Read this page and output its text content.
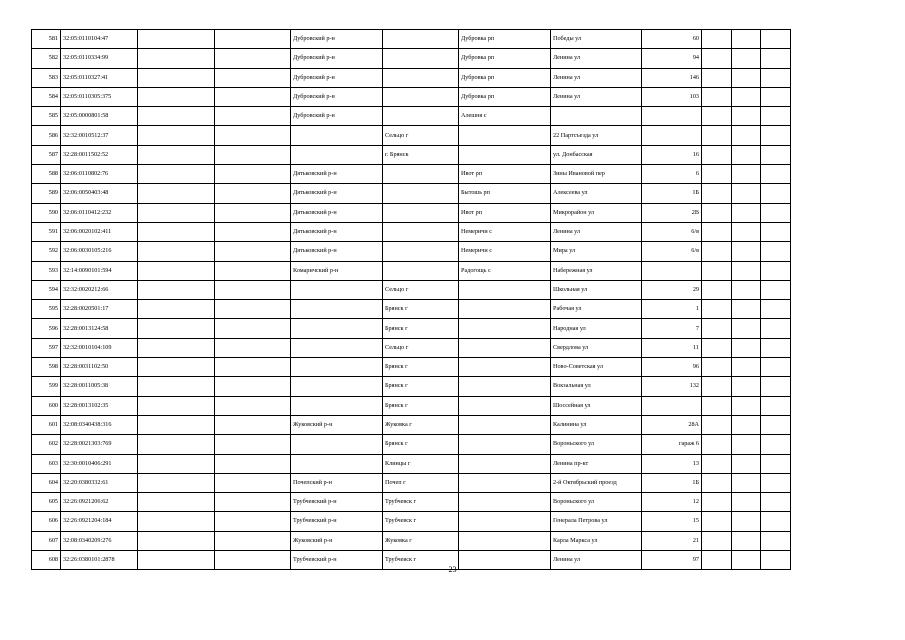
581	32:05:0110104:47			Дубровский р-н		Дубровка рп	Победы ул	60			
582	32:05:0110334:99			Дубровский р-н		Дубровка рп	Ленина ул	94			
583	32:05:0110327:41			Дубровский р-н		Дубровка рп	Ленина ул	146			
584	32:05:0110305:375			Дубровский р-н		Дубровка рп	Ленина ул	103			
585	32:05:0000801:58			Дубровский р-н		Алешня с					
586	32:32:0010512:37				Сельцо г		22 Партсъезда ул				
587	32:28:0011502:52				г. Брянск		ул. Донбасская	16			
588	32:06:0110802:76			Дятьковский р-н		Ивот рп	Зины Ивановой пер	6			
589	32:06:0050403:48			Дятьковский р-н		Бытошь рп	Алексеева ул	1Б			
590	32:06:0110412:232			Дятьковский р-н		Ивот рп	Микрорайон ул	2В			
591	32:06:0020102:411			Дятьковский р-н		Немеричи с	Ленина ул	6/в			
592	32:06:0030105:216			Дятьковский р-н		Немеричи с	Мира ул	6/в			
593	32:14:0090101:594			Комаричский р-н		Радогощь с	Набережная ул				
594	32:32:0020212:66				Сельцо г		Школьная ул	29			
595	32:28:0020501:17				Брянск г		Рабочая ул	1			
596	32:28:0013124:58				Брянск г		Народная ул	7			
597	32:32:0010104:109				Сельцо г		Свердлова ул	11			
598	32:28:0031102:50				Брянск г		Ново-Советская ул	96			
599	32:28:0011005:38				Брянск г		Вокзальная ул	132			
600	32:28:0013102:35				Брянск г		Шоссейная ул				
601	32:08:0340438:316			Жуковский р-н	Жуковка г		Калинина ул	28А			
602	32:28:0021303:769				Брянск г		Вороньского ул	гараж 6			
603	32:30:0010406:291				Клинцы г		Ленина пр-кт	13			
604	32:20:0380332:61			Почепский р-н	Почеп г		2-й Октябрьский проезд	1Б			
605	32:26:0921206:62			Трубчевский р-н	Трубчевск г		Вороньского ул	12			
606	32:26:0921204:184			Трубчевский р-н	Трубчевск г		Генерала Петрова ул	15			
607	32:08:0340209:276			Жуковский р-н	Жуковка г		Карла Маркса ул	21			
608	32:26:0380101:2878			Трубчевский р-н	Трубчевск г		Ленина ул	97			
23
